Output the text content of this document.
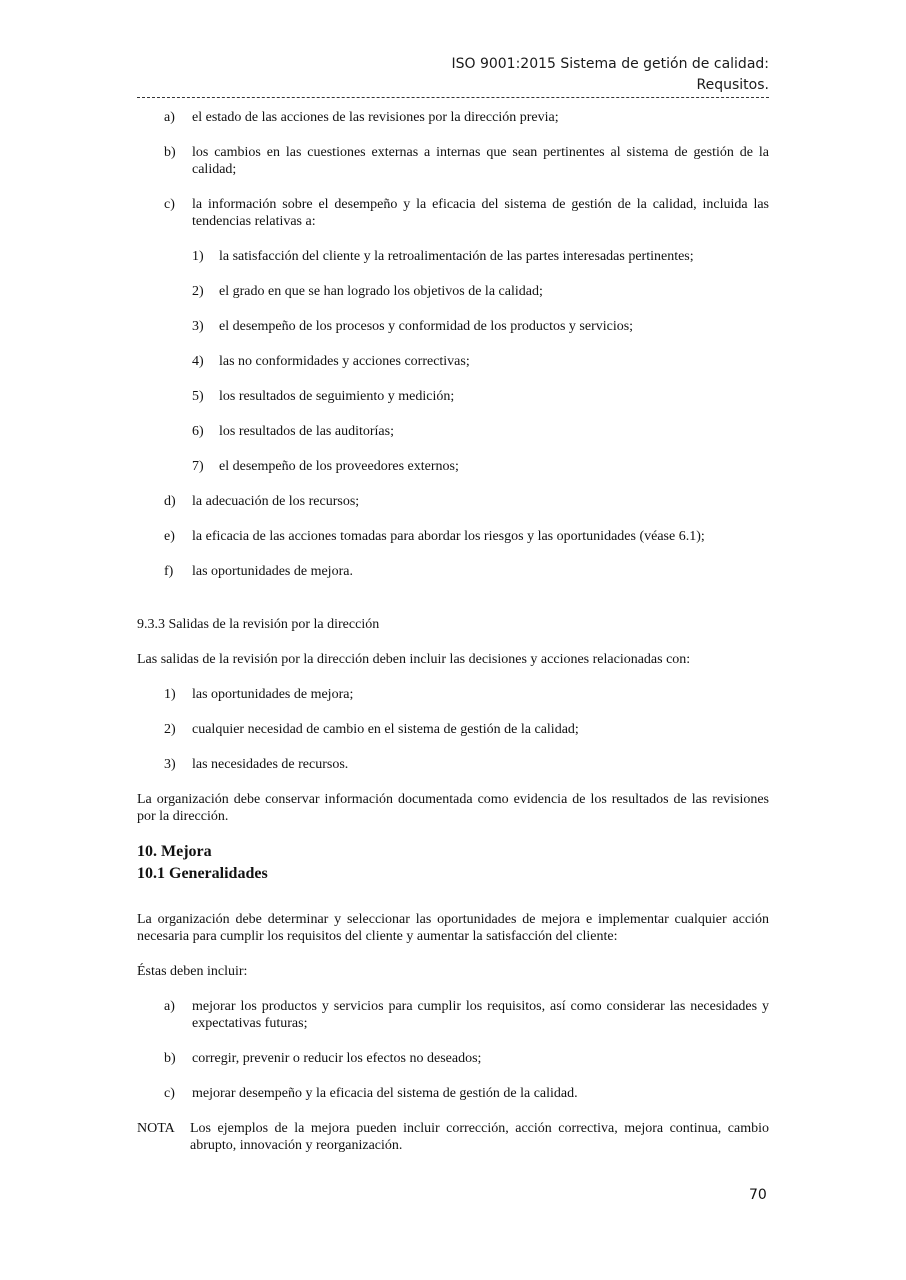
ISO 9001:2015 Sistema de getión de calidad:
Requsitos.
a)	el estado de las acciones de las revisiones por la dirección previa;
b)	los cambios en las cuestiones externas a internas que sean pertinentes al sistema de gestión de la calidad;
c)	la información sobre el desempeño y la eficacia del sistema de gestión de la calidad, incluida las tendencias relativas a:
1)	la satisfacción del cliente y la retroalimentación de las partes interesadas pertinentes;
2)	el grado en que se han logrado los objetivos de la calidad;
3)	el desempeño de los procesos y conformidad de los productos y servicios;
4)	las no conformidades y acciones correctivas;
5)	los resultados de seguimiento y medición;
6)	los resultados de las auditorías;
7)	el desempeño de los proveedores externos;
d)	la adecuación de los recursos;
e)	la eficacia de las acciones tomadas para abordar los riesgos y las oportunidades (véase 6.1);
f)	las oportunidades de mejora.
9.3.3 Salidas de la revisión por la dirección
Las salidas de la revisión por la dirección deben incluir las decisiones y acciones relacionadas con:
1)	las oportunidades de mejora;
2)	cualquier necesidad de cambio en el sistema de gestión de la calidad;
3)	las necesidades de recursos.
La organización debe conservar información documentada como evidencia de los resultados de las revisiones por la dirección.
10. Mejora
10.1 Generalidades
La organización debe determinar y seleccionar las oportunidades de mejora e implementar cualquier acción necesaria para cumplir los requisitos del cliente y aumentar la satisfacción del cliente:
Éstas deben incluir:
a)	mejorar los productos y servicios para cumplir los requisitos, así como considerar las necesidades y expectativas futuras;
b)	corregir, prevenir o reducir los efectos no deseados;
c)	mejorar desempeño y la eficacia del sistema de gestión de la calidad.
NOTA	Los ejemplos de la mejora pueden incluir corrección, acción correctiva, mejora continua, cambio abrupto, innovación y reorganización.
70
